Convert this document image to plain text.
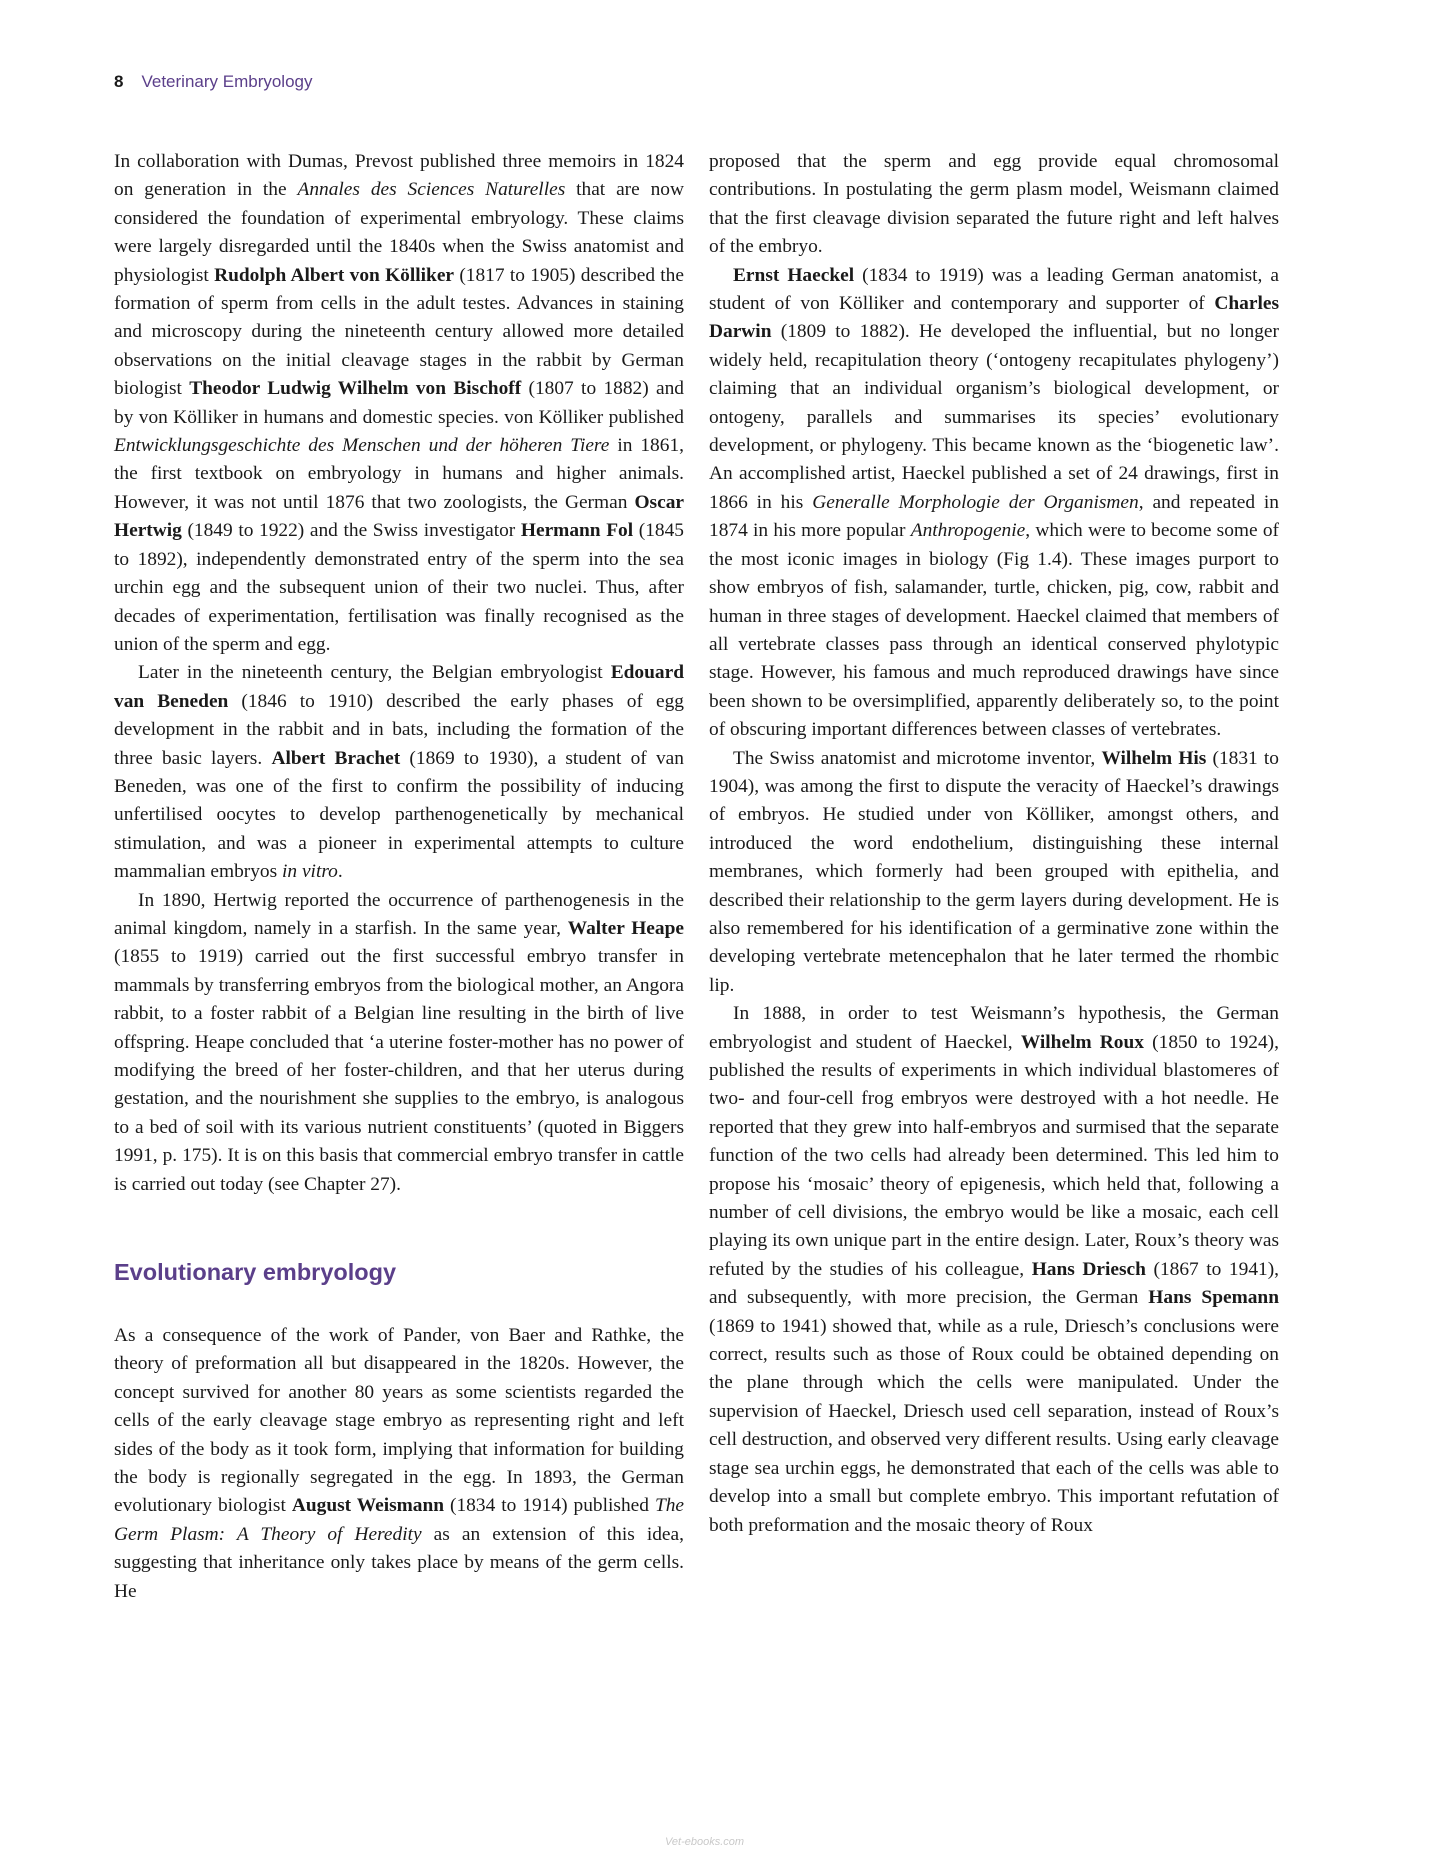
8 Veterinary Embryology

In collaboration with Dumas, Prevost published three memoirs in 1824 on generation in the Annales des Sciences Naturelles that are now considered the foundation of experimental embryology. These claims were largely disregarded until the 1840s when the Swiss anatomist and physiologist Rudolph Albert von Kölliker (1817 to 1905) described the formation of sperm from cells in the adult testes. Advances in staining and microscopy during the nineteenth century allowed more detailed observations on the initial cleavage stages in the rabbit by German biologist Theodor Ludwig Wilhelm von Bischoff (1807 to 1882) and by von Kölliker in humans and domestic species. von Kölliker published Entwicklungsgeschichte des Menschen und der höheren Tiere in 1861, the first textbook on embryology in humans and higher animals. However, it was not until 1876 that two zoologists, the German Oscar Hertwig (1849 to 1922) and the Swiss investigator Hermann Fol (1845 to 1892), independently demonstrated entry of the sperm into the sea urchin egg and the subsequent union of their two nuclei. Thus, after decades of experimentation, fertilisation was finally recognised as the union of the sperm and egg.

Later in the nineteenth century, the Belgian embryologist Edouard van Beneden (1846 to 1910) described the early phases of egg development in the rabbit and in bats, including the formation of the three basic layers. Albert Brachet (1869 to 1930), a student of van Beneden, was one of the first to confirm the possibility of inducing unfertilised oocytes to develop parthenogenetically by mechanical stimulation, and was a pioneer in experimental attempts to culture mammalian embryos in vitro.

In 1890, Hertwig reported the occurrence of parthenogenesis in the animal kingdom, namely in a starfish. In the same year, Walter Heape (1855 to 1919) carried out the first successful embryo transfer in mammals by transferring embryos from the biological mother, an Angora rabbit, to a foster rabbit of a Belgian line resulting in the birth of live offspring. Heape concluded that ‘a uterine foster-mother has no power of modifying the breed of her foster-children, and that her uterus during gestation, and the nourishment she supplies to the embryo, is analogous to a bed of soil with its various nutrient constituents’ (quoted in Biggers 1991, p. 175). It is on this basis that commercial embryo transfer in cattle is carried out today (see Chapter 27).

Evolutionary embryology

As a consequence of the work of Pander, von Baer and Rathke, the theory of preformation all but disappeared in the 1820s. However, the concept survived for another 80 years as some scientists regarded the cells of the early cleavage stage embryo as representing right and left sides of the body as it took form, implying that information for building the body is regionally segregated in the egg. In 1893, the German evolutionary biologist August Weismann (1834 to 1914) published The Germ Plasm: A Theory of Heredity as an extension of this idea, suggesting that inheritance only takes place by means of the germ cells. He

proposed that the sperm and egg provide equal chromosomal contributions. In postulating the germ plasm model, Weismann claimed that the first cleavage division separated the future right and left halves of the embryo.

Ernst Haeckel (1834 to 1919) was a leading German anatomist, a student of von Kölliker and contemporary and supporter of Charles Darwin (1809 to 1882). He developed the influential, but no longer widely held, recapitulation theory (‘ontogeny recapitulates phylogeny’) claiming that an individual organism’s biological development, or ontogeny, parallels and summarises its species’ evolutionary development, or phylogeny. This became known as the ‘biogenetic law’. An accomplished artist, Haeckel published a set of 24 drawings, first in 1866 in his Generalle Morphologie der Organismen, and repeated in 1874 in his more popular Anthropogenie, which were to become some of the most iconic images in biology (Fig 1.4). These images purport to show embryos of fish, salamander, turtle, chicken, pig, cow, rabbit and human in three stages of development. Haeckel claimed that members of all vertebrate classes pass through an identical conserved phylotypic stage. However, his famous and much reproduced drawings have since been shown to be oversimplified, apparently deliberately so, to the point of obscuring important differences between classes of vertebrates.

The Swiss anatomist and microtome inventor, Wilhelm His (1831 to 1904), was among the first to dispute the veracity of Haeckel’s drawings of embryos. He studied under von Kölliker, amongst others, and introduced the word endothelium, distinguishing these internal membranes, which formerly had been grouped with epithelia, and described their relationship to the germ layers during development. He is also remembered for his identification of a germinative zone within the developing vertebrate metencephalon that he later termed the rhombic lip.

In 1888, in order to test Weismann’s hypothesis, the German embryologist and student of Haeckel, Wilhelm Roux (1850 to 1924), published the results of experiments in which individual blastomeres of two- and four-cell frog embryos were destroyed with a hot needle. He reported that they grew into half-embryos and surmised that the separate function of the two cells had already been determined. This led him to propose his ‘mosaic’ theory of epigenesis, which held that, following a number of cell divisions, the embryo would be like a mosaic, each cell playing its own unique part in the entire design. Later, Roux’s theory was refuted by the studies of his colleague, Hans Driesch (1867 to 1941), and subsequently, with more precision, the German Hans Spemann (1869 to 1941) showed that, while as a rule, Driesch’s conclusions were correct, results such as those of Roux could be obtained depending on the plane through which the cells were manipulated. Under the supervision of Haeckel, Driesch used cell separation, instead of Roux’s cell destruction, and observed very different results. Using early cleavage stage sea urchin eggs, he demonstrated that each of the cells was able to develop into a small but complete embryo. This important refutation of both preformation and the mosaic theory of Roux

Vet-ebooks.com
